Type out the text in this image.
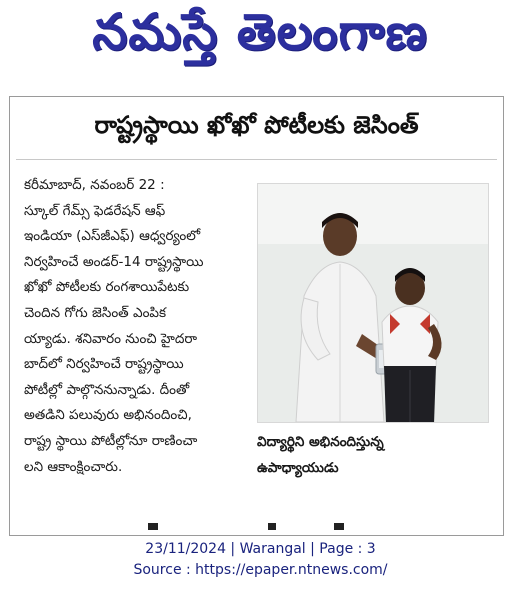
నమస్తే తెలంగాణ
రాష్ట్రస్థాయి ఖోఖో పోటీలకు జెసింత్
కరీమాబాద్, నవంబర్ 22 :
స్కూల్ గేమ్స్ ఫెడరేషన్ ఆఫ్
ఇండియా (ఎస్‌జీఎఫ్) ఆధ్వర్యంలో
నిర్వహించే అండర్-14 రాష్ట్రస్థాయి
ఖోఖో పోటీలకు రంగశాయిపేటకు
చెందిన గోగు జెసింత్ ఎంపిక
య్యాడు. శనివారం నుంచి హైదరా
బాద్‌లో నిర్వహించే రాష్ట్రస్థాయి
పోటీల్లో పాల్గొననున్నాడు. దీంతో
అతడిని పలువురు అభినందించి,
రాష్ట్ర స్థాయి పోటీల్లోనూ రాణించా
లని ఆకాంక్షించారు.
విద్యార్థిని అభినందిస్తున్న
ఉపాధ్యాయుడు
23/11/2024 | Warangal | Page : 3
Source : https://epaper.ntnews.com/
